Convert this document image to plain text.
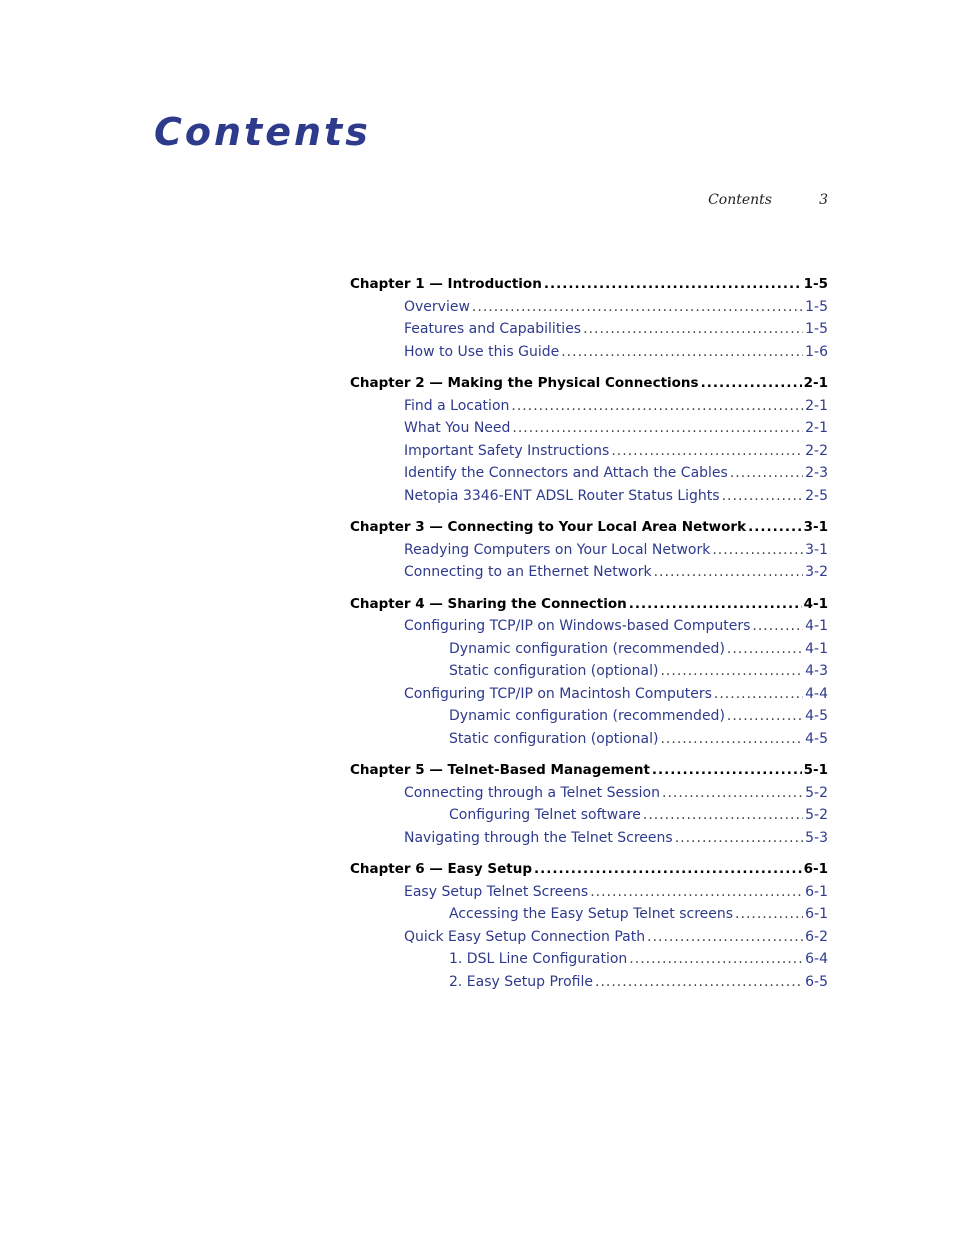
Contents
Contents	3
Chapter 1 — Introduction .....	1-5
Overview .....	1-5
Features and Capabilities .....	1-5
How to Use this Guide .....	1-6
Chapter 2 — Making the Physical Connections .....	2-1
Find a Location .....	2-1
What You Need .....	2-1
Important Safety Instructions .....	2-2
Identify the Connectors and Attach the Cables .....	2-3
Netopia 3346-ENT ADSL Router Status Lights .....	2-5
Chapter 3 — Connecting to Your Local Area Network .....	3-1
Readying Computers on Your Local Network .....	3-1
Connecting to an Ethernet Network .....	3-2
Chapter 4 — Sharing the Connection .....	4-1
Configuring TCP/IP on Windows-based Computers .....	4-1
Dynamic configuration (recommended) .....	4-1
Static configuration (optional) .....	4-3
Configuring TCP/IP on Macintosh Computers .....	4-4
Dynamic configuration (recommended) .....	4-5
Static configuration (optional) .....	4-5
Chapter 5 — Telnet-Based Management .....	5-1
Connecting through a Telnet Session .....	5-2
Configuring Telnet software .....	5-2
Navigating through the Telnet Screens .....	5-3
Chapter 6 — Easy Setup .....	6-1
Easy Setup Telnet Screens .....	6-1
Accessing the Easy Setup Telnet screens .....	6-1
Quick Easy Setup Connection Path .....	6-2
1. DSL Line Configuration .....	6-4
2. Easy Setup Profile .....	6-5
